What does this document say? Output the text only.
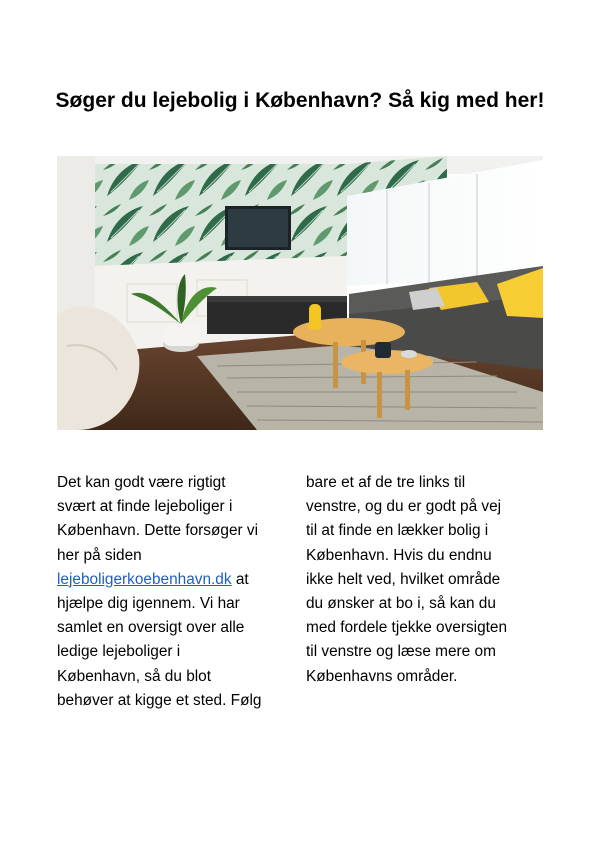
Søger du lejebolig i København? Så kig med her!

Det kan godt være rigtigt

svært at finde lejeboliger i

København. Dette forsøger vi

her på siden

lejeboligerkoebenhavn.dk at

hjælpe dig igennem. Vi har

samlet en oversigt over alle

ledige lejeboliger i

København, så du blot

behøver at kigge et sted. Følg

bare et af de tre links til

venstre, og du er godt på vej

til at finde en lækker bolig i

København. Hvis du endnu

ikke helt ved, hvilket område

du ønsker at bo i, så kan du

med fordele tjekke oversigten

til venstre og læse mere om

Københavns områder.
